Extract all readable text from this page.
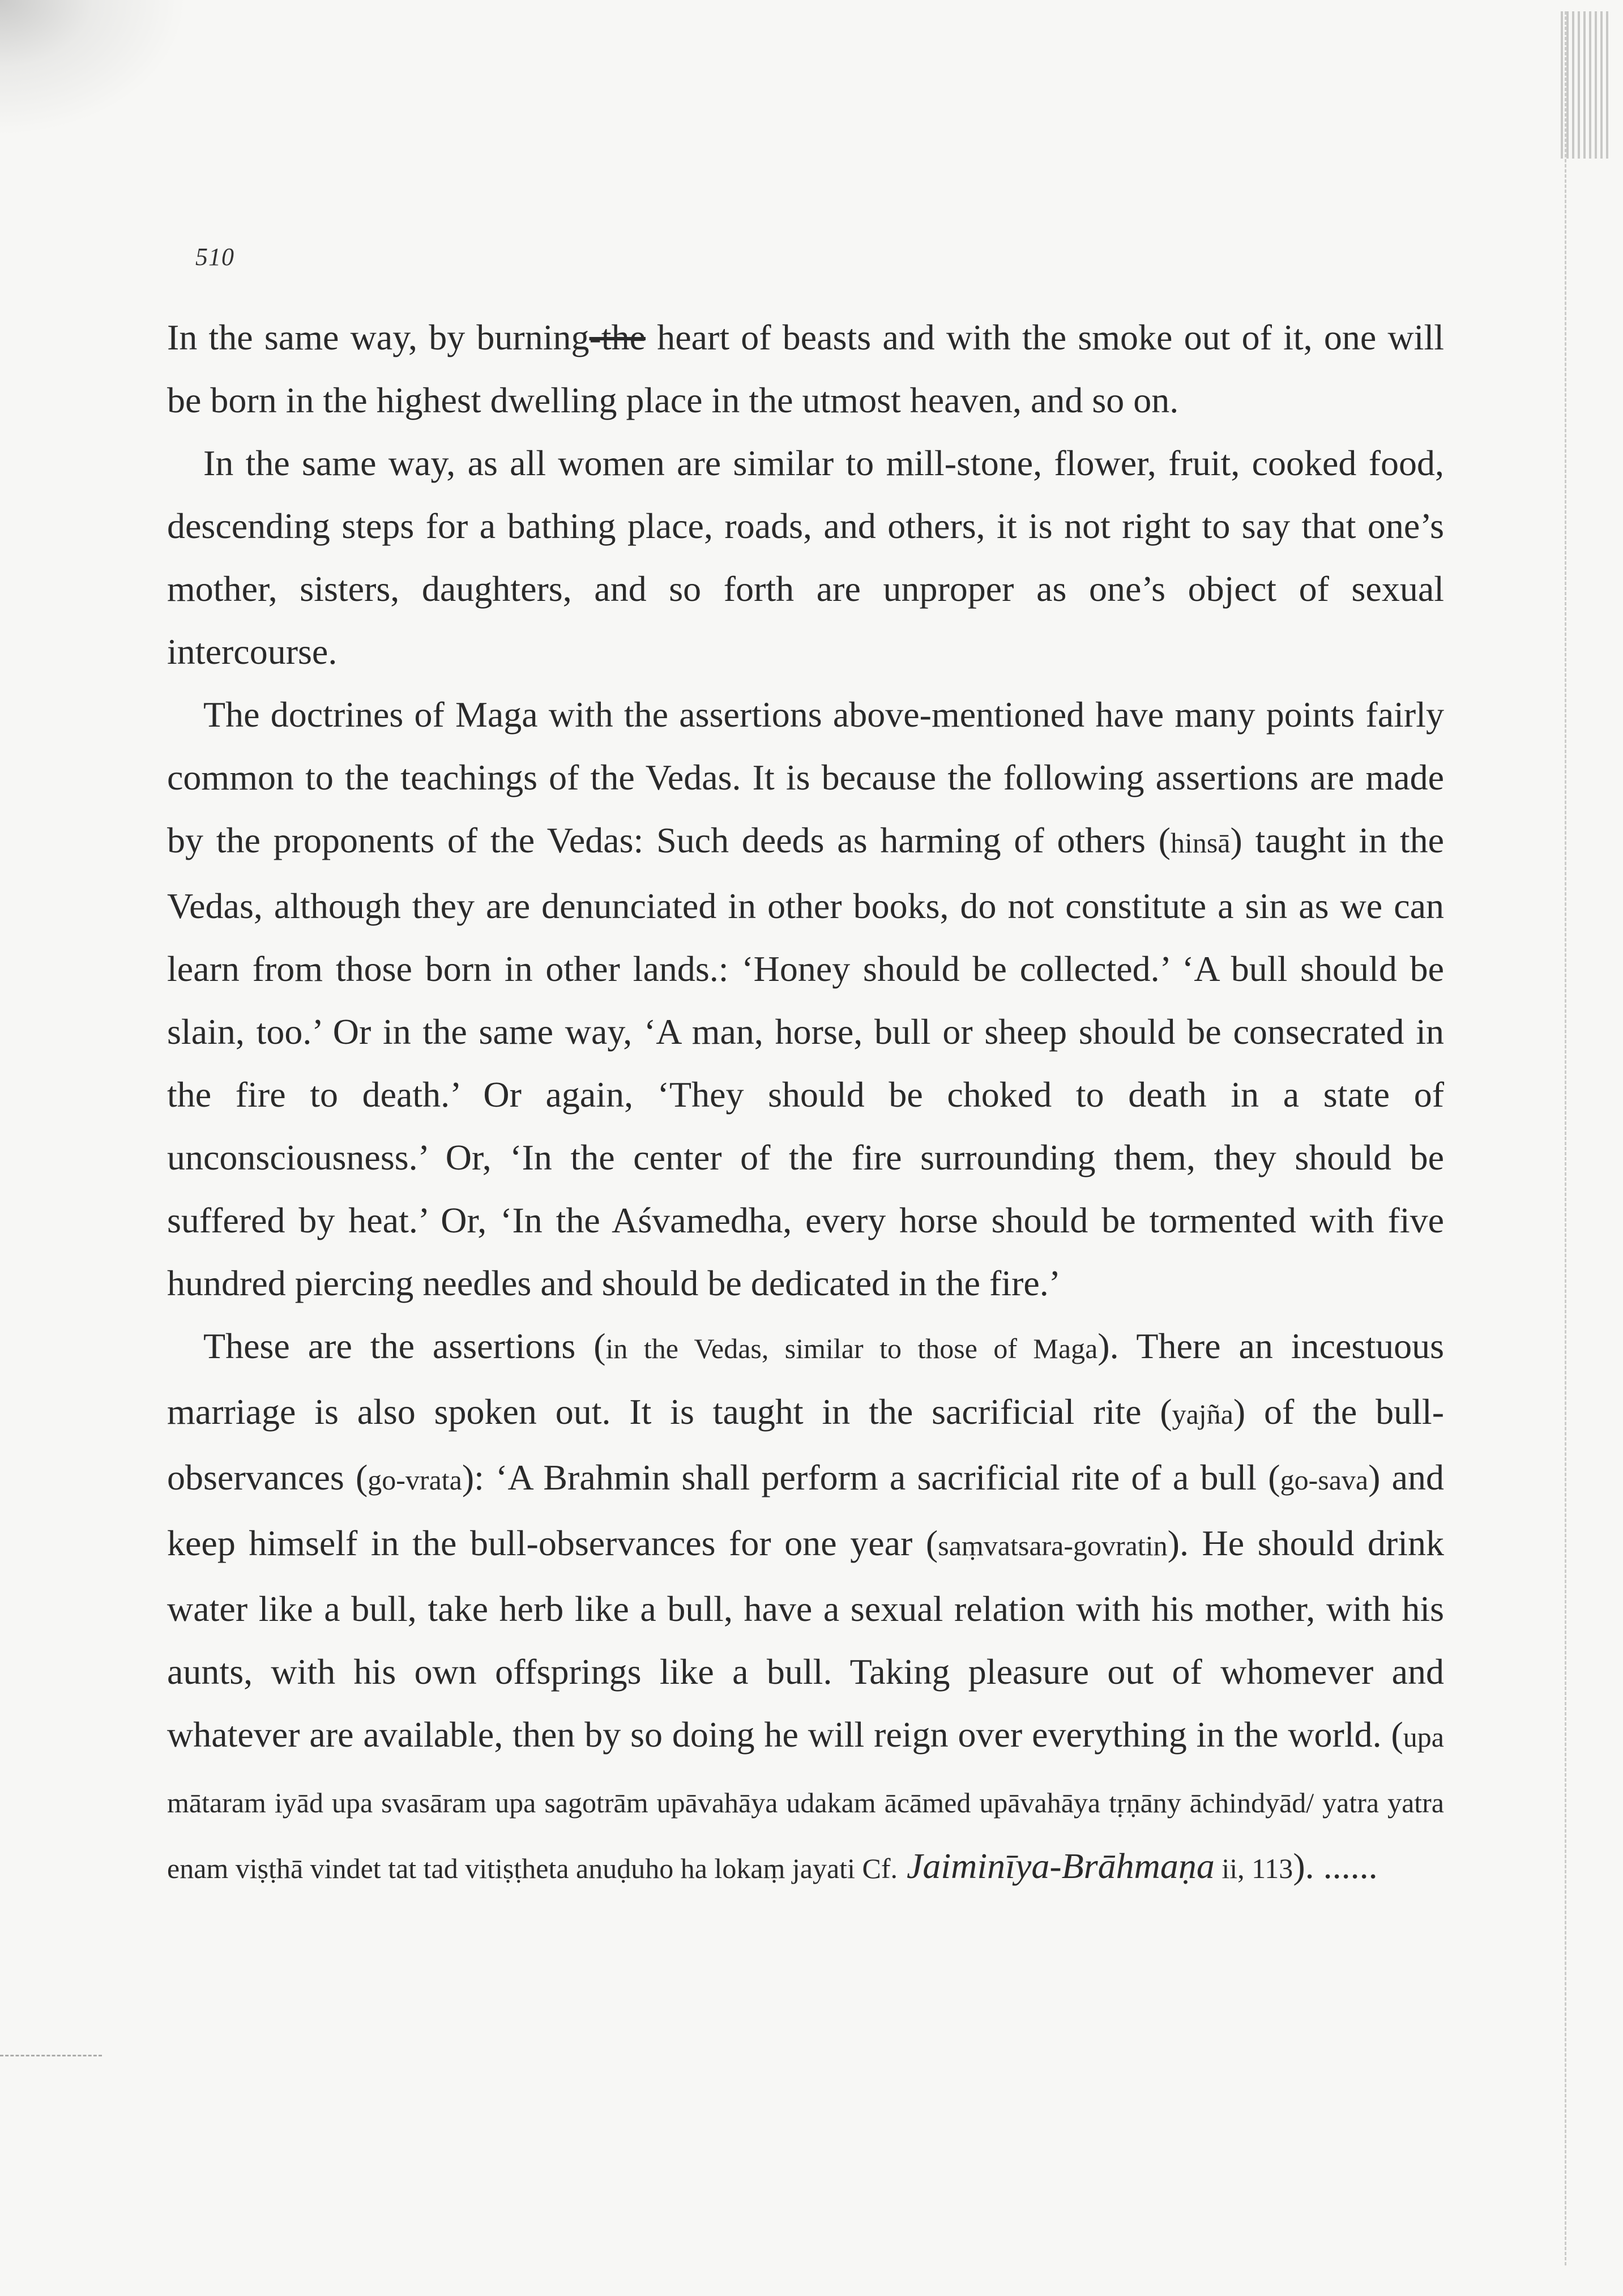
510

In the same way, by burning-the heart of beasts and with the smoke out of it, one will be born in the highest dwelling place in the utmost heaven, and so on.

In the same way, as all women are similar to mill-stone, flower, fruit, cooked food, descending steps for a bathing place, roads, and others, it is not right to say that one’s mother, sisters, daughters, and so forth are unproper as one’s object of sexual intercourse.

The doctrines of Maga with the assertions above-mentioned have many points fairly common to the teachings of the Vedas. It is because the following assertions are made by the proponents of the Vedas: Such deeds as harming of others (hinsā) taught in the Vedas, although they are denunciated in other books, do not constitute a sin as we can learn from those born in other lands.: ‘Honey should be collected.’ ‘A bull should be slain, too.’ Or in the same way, ‘A man, horse, bull or sheep should be consecrated in the fire to death.’ Or again, ‘They should be choked to death in a state of unconsciousness.’ Or, ‘In the center of the fire surrounding them, they should be suffered by heat.’ Or, ‘In the Aśvamedha, every horse should be tormented with five hundred piercing needles and should be dedicated in the fire.’

These are the assertions (in the Vedas, similar to those of Maga). There an incestuous marriage is also spoken out. It is taught in the sacrificial rite (yajña) of the bull-observances (go-vrata): ‘A Brahmin shall perform a sacrificial rite of a bull (go-sava) and keep himself in the bull-observances for one year (saṃvatsara-govratin). He should drink water like a bull, take herb like a bull, have a sexual relation with his mother, with his aunts, with his own offsprings like a bull. Taking pleasure out of whomever and whatever are available, then by so doing he will reign over everything in the world. (upa mātaram iyād upa svasāram upa sagotrām upāvahāya udakam ācāmed upāvahāya tṛṇāny āchindyād/ yatra yatra enam viṣṭhā vindet tat tad vitiṣṭheta anuḍuho ha lokaṃ jayati Cf. Jaiminīya-Brāhmaṇa ii, 113). ......
